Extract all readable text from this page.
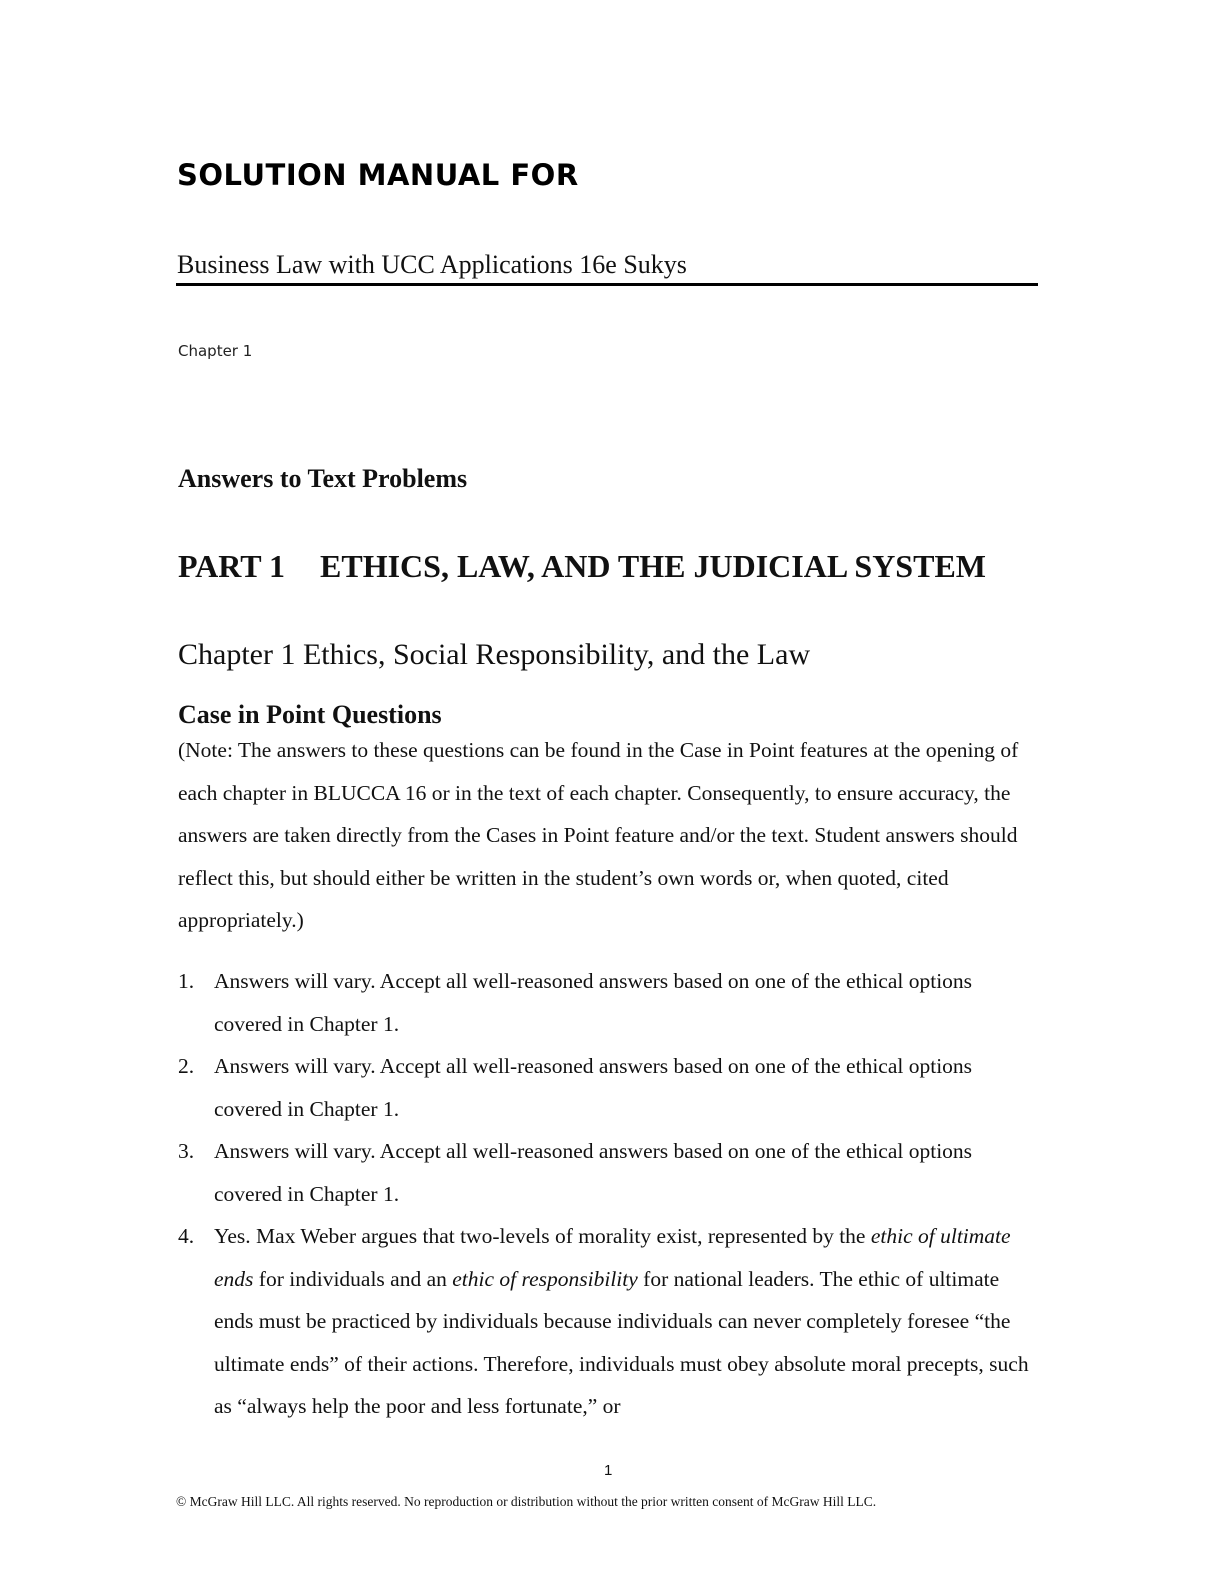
SOLUTION MANUAL FOR
Business Law with UCC Applications 16e Sukys
Chapter 1
Answers to Text Problems
PART 1 ETHICS, LAW, AND THE JUDICIAL SYSTEM
Chapter 1 Ethics, Social Responsibility, and the Law
Case in Point Questions
(Note: The answers to these questions can be found in the Case in Point features at the opening of each chapter in BLUCCA 16 or in the text of each chapter. Consequently, to ensure accuracy, the answers are taken directly from the Cases in Point feature and/or the text. Student answers should reflect this, but should either be written in the student’s own words or, when quoted, cited appropriately.)
1. Answers will vary. Accept all well-reasoned answers based on one of the ethical options covered in Chapter 1.
2. Answers will vary. Accept all well-reasoned answers based on one of the ethical options covered in Chapter 1.
3. Answers will vary. Accept all well-reasoned answers based on one of the ethical options covered in Chapter 1.
4. Yes. Max Weber argues that two-levels of morality exist, represented by the ethic of ultimate ends for individuals and an ethic of responsibility for national leaders. The ethic of ultimate ends must be practiced by individuals because individuals can never completely foresee “the ultimate ends” of their actions. Therefore, individuals must obey absolute moral precepts, such as “always help the poor and less fortunate,” or
1
© McGraw Hill LLC. All rights reserved. No reproduction or distribution without the prior written consent of McGraw Hill LLC.
